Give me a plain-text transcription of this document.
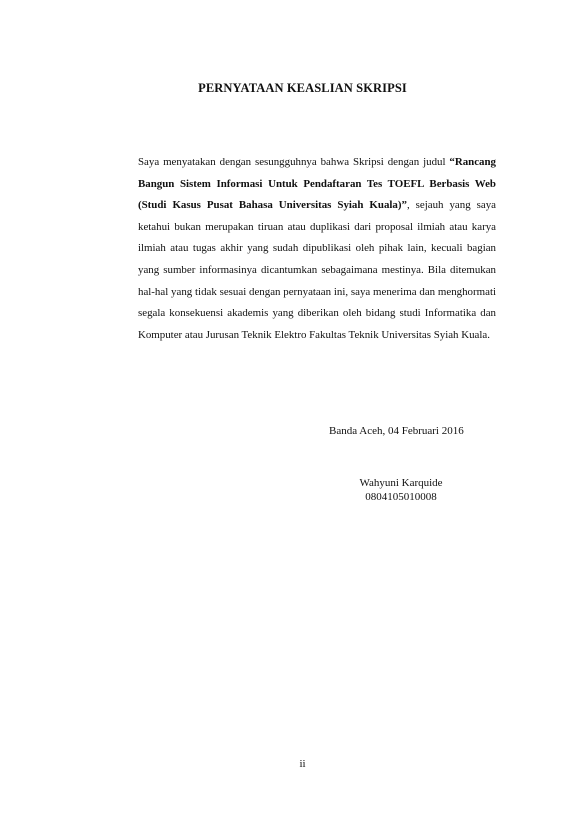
PERNYATAAN KEASLIAN SKRIPSI

Saya menyatakan dengan sesungguhnya bahwa Skripsi dengan judul “Rancang Bangun Sistem Informasi Untuk Pendaftaran Tes TOEFL Berbasis Web (Studi Kasus Pusat Bahasa Universitas Syiah Kuala)”, sejauh yang saya ketahui bukan merupakan tiruan atau duplikasi dari proposal ilmiah atau karya ilmiah atau tugas akhir yang sudah dipublikasi oleh pihak lain, kecuali bagian yang sumber informasinya dicantumkan sebagaimana mestinya. Bila ditemukan hal-hal yang tidak sesuai dengan pernyataan ini, saya menerima dan menghormati segala konsekuensi akademis yang diberikan oleh bidang studi Informatika dan Komputer atau Jurusan Teknik Elektro Fakultas Teknik Universitas Syiah Kuala.

Banda Aceh, 04 Februari 2016
Wahyuni Karquide
0804105010008
ii
